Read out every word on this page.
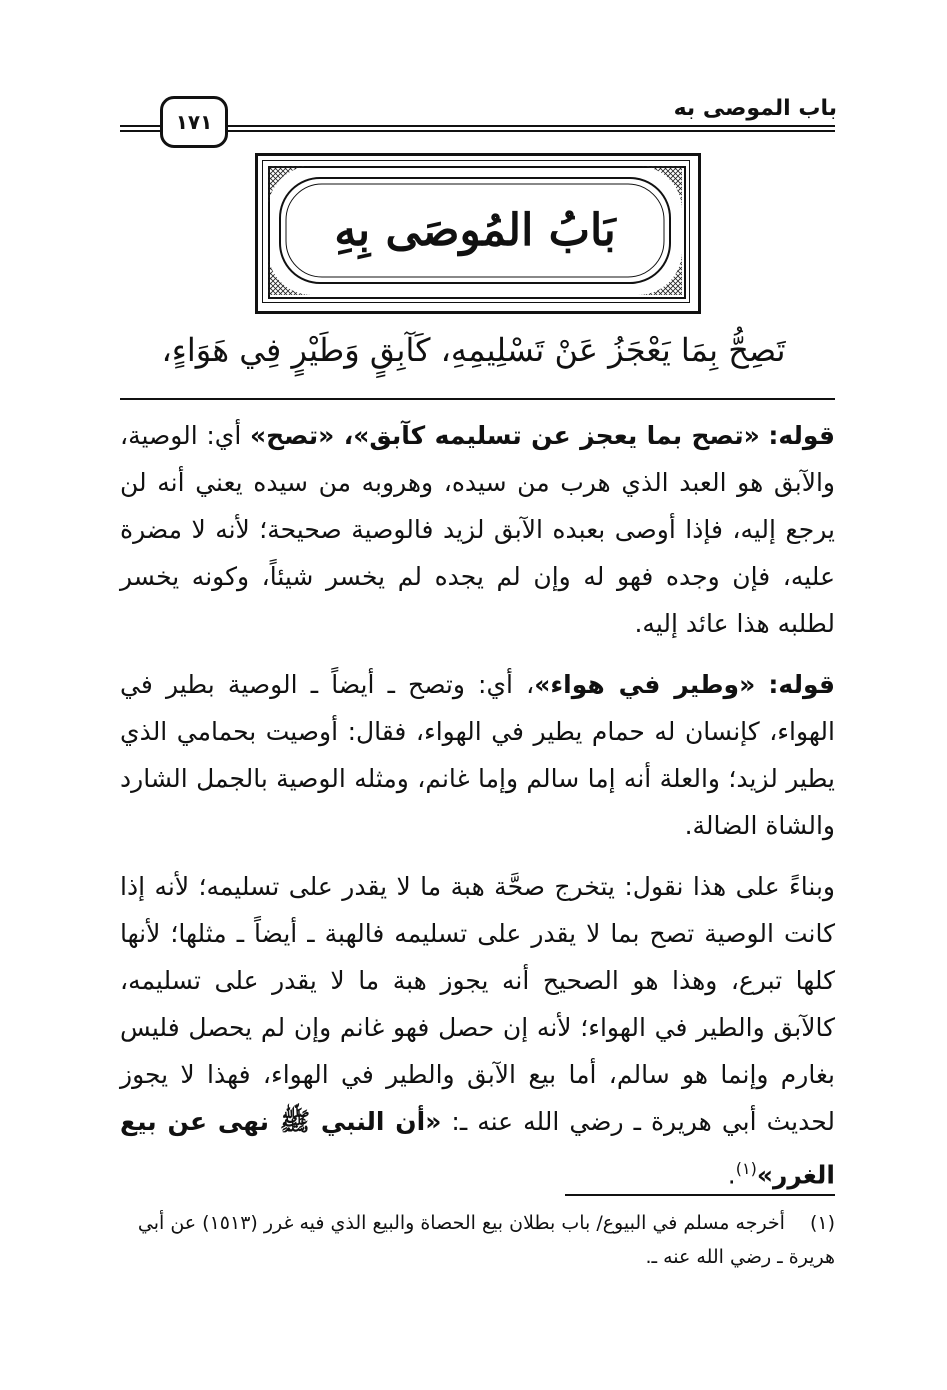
باب الموصى به
١٧١
بَابُ المُوصَى بِهِ
تَصِحُّ بِمَا يَعْجَزُ عَنْ تَسْلِيمِهِ، كَآبِقٍ وَطَيْرٍ فِي هَوَاءٍ،

قوله: «تصح بما يعجز عن تسليمه كآبق»، «تصح» أي: الوصية، والآبق هو العبد الذي هرب من سيده، وهروبه من سيده يعني أنه لن يرجع إليه، فإذا أوصى بعبده الآبق لزيد فالوصية صحيحة؛ لأنه لا مضرة عليه، فإن وجده فهو له وإن لم يجده لم يخسر شيئاً، وكونه يخسر لطلبه هذا عائد إليه.

قوله: «وطير في هواء»، أي: وتصح ـ أيضاً ـ الوصية بطير في الهواء، كإنسان له حمام يطير في الهواء، فقال: أوصيت بحمامي الذي يطير لزيد؛ والعلة أنه إما سالم وإما غانم، ومثله الوصية بالجمل الشارد والشاة الضالة.

وبناءً على هذا نقول: يتخرج صحَّة هبة ما لا يقدر على تسليمه؛ لأنه إذا كانت الوصية تصح بما لا يقدر على تسليمه فالهبة ـ أيضاً ـ مثلها؛ لأنها كلها تبرع، وهذا هو الصحيح أنه يجوز هبة ما لا يقدر على تسليمه، كالآبق والطير في الهواء؛ لأنه إن حصل فهو غانم وإن لم يحصل فليس بغارم وإنما هو سالم، أما بيع الآبق والطير في الهواء، فهذا لا يجوز لحديث أبي هريرة ـ رضي الله عنه ـ: «أن النبي ﷺ نهى عن بيع الغرر»$^{(١)}$.

(١) أخرجه مسلم في البيوع/ باب بطلان بيع الحصاة والبيع الذي فيه غرر (١٥١٣) عن أبي هريرة ـ رضي الله عنه ـ.
